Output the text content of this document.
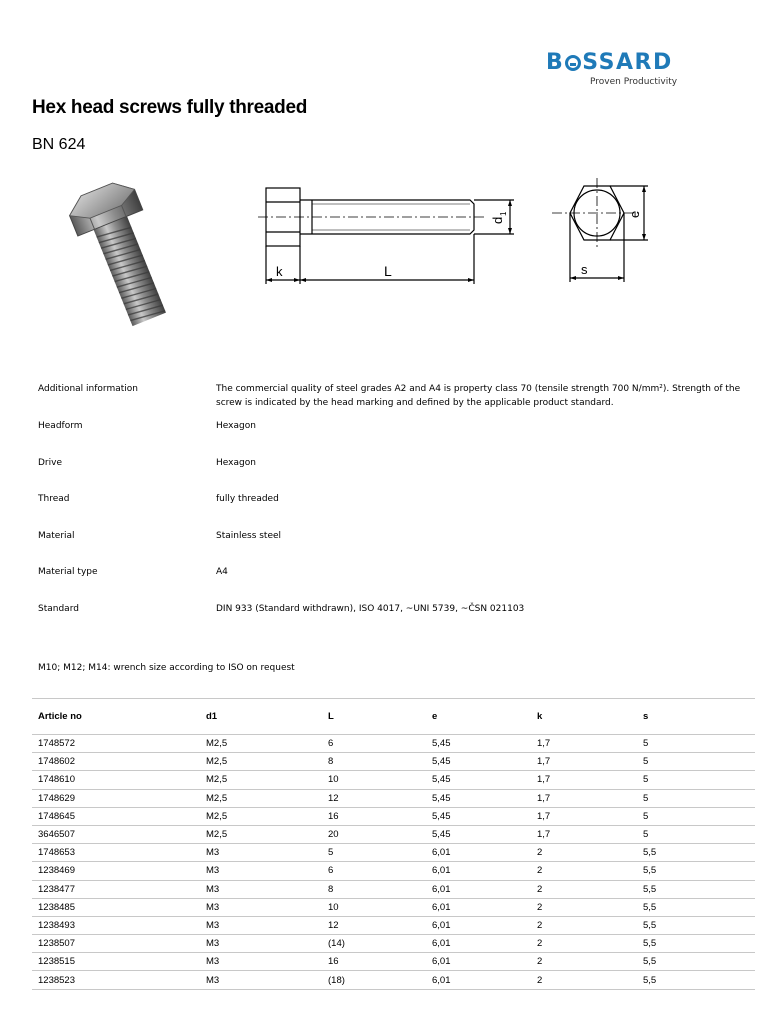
B SSARD
Proven Productivity
Hex head screws fully threaded
BN 624
k	L
d
1
s
e
Additional information	The commercial quality of steel grades A2 and A4 is property class 70 (tensile strength 700 N/mm²). Strength of the screw is indicated by the head marking and defined by the applicable product standard.
Headform	Hexagon
Drive	Hexagon
Thread	fully threaded
Material	Stainless steel
Material type	A4
Standard	DIN 933 (Standard withdrawn), ISO 4017, ~UNI 5739, ~ČSN 021103
M10; M12; M14: wrench size according to ISO on request
Article no	d1	L	e	k	s
1748572	M2,5	6	5,45	1,7	5
1748602	M2,5	8	5,45	1,7	5
1748610	M2,5	10	5,45	1,7	5
1748629	M2,5	12	5,45	1,7	5
1748645	M2,5	16	5,45	1,7	5
3646507	M2,5	20	5,45	1,7	5
1748653	M3	5	6,01	2	5,5
1238469	M3	6	6,01	2	5,5
1238477	M3	8	6,01	2	5,5
1238485	M3	10	6,01	2	5,5
1238493	M3	12	6,01	2	5,5
1238507	M3	(14)	6,01	2	5,5
1238515	M3	16	6,01	2	5,5
1238523	M3	(18)	6,01	2	5,5
